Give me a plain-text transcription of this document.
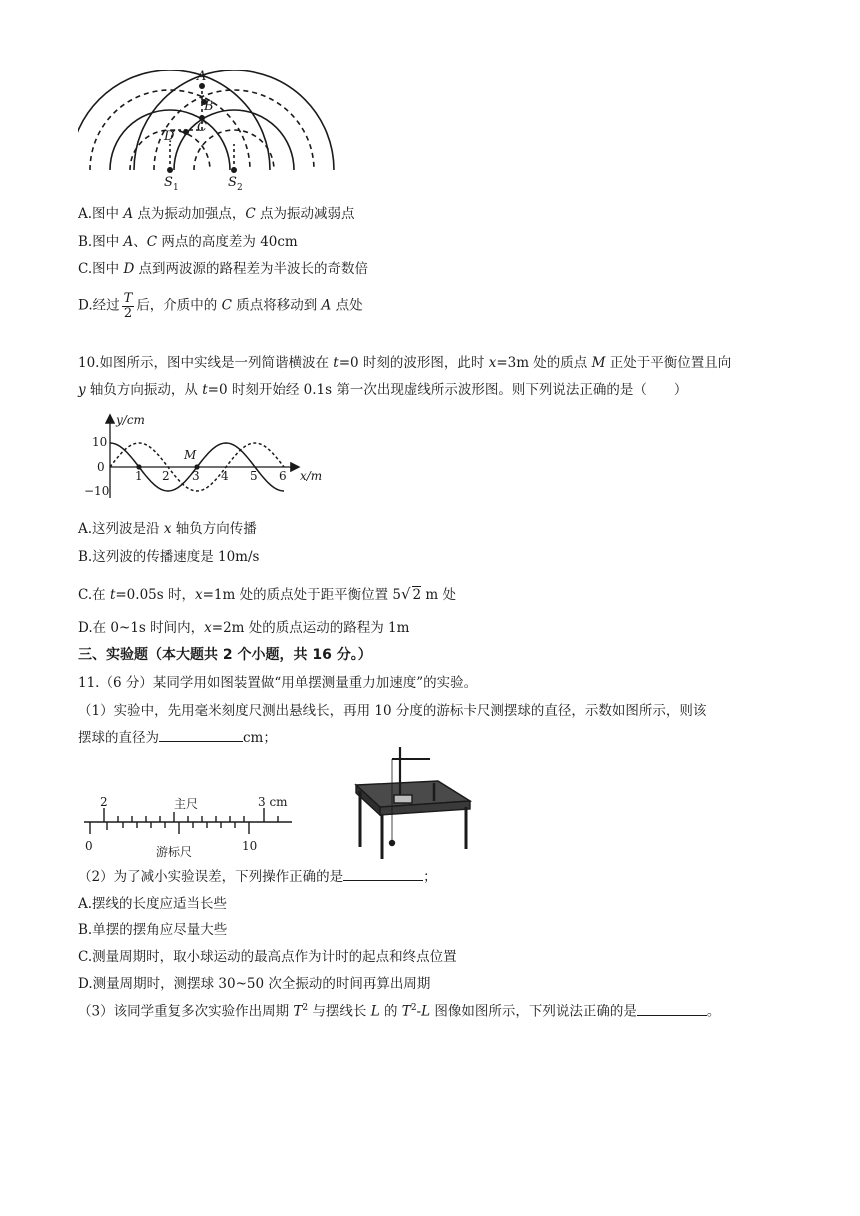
A
B
C
D
S 1	S 2
A.图中 A 点为振动加强点，C 点为振动减弱点
B.图中 A、C 两点的高度差为 40cm
C.图中 D 点到两波源的路程差为半波长的奇数倍
D.经过 $\frac{T}{2}$ 后，介质中的 C 质点将移动到 A 点处
10.如图所示，图中实线是一列简谐横波在 t=0 时刻的波形图，此时 x=3m 处的质点 M 正处于平衡位置且向
y 轴负方向振动，从 t=0 时刻开始经 0.1s 第一次出现虚线所示波形图。则下列说法正确的是（　　）
y/cm
x/m
10
0
−10
1 2 3 4 5 6
M
A.这列波是沿 x 轴负方向传播
B.这列波的传播速度是 10m/s
C.在 t=0.05s 时，x=1m 处的质点处于距平衡位置 5√ 2 m 处
D.在 0~1s 时间内，x=2m 处的质点运动的路程为 1m
三、实验题（本大题共 2 个小题，共 16 分。）
11.（6 分）某同学用如图装置做“用单摆测量重力加速度”的实验。
（1）实验中，先用毫米刻度尺测出悬线长，再用 10 分度的游标卡尺测摆球的直径，示数如图所示，则该
摆球的直径为	cm；
2	主尺	3 cm
0	游标尺	10
（2）为了减小实验误差，下列操作正确的是	；
A.摆线的长度应适当长些
B.单摆的摆角应尽量大些
C.测量周期时，取小球运动的最高点作为计时的起点和终点位置
D.测量周期时，测摆球 30~50 次全振动的时间再算出周期
（3）该同学重复多次实验作出周期 $T^2$ 与摆线长 L 的 $T^2-L$ 图像如图所示，下列说法正确的是	。
